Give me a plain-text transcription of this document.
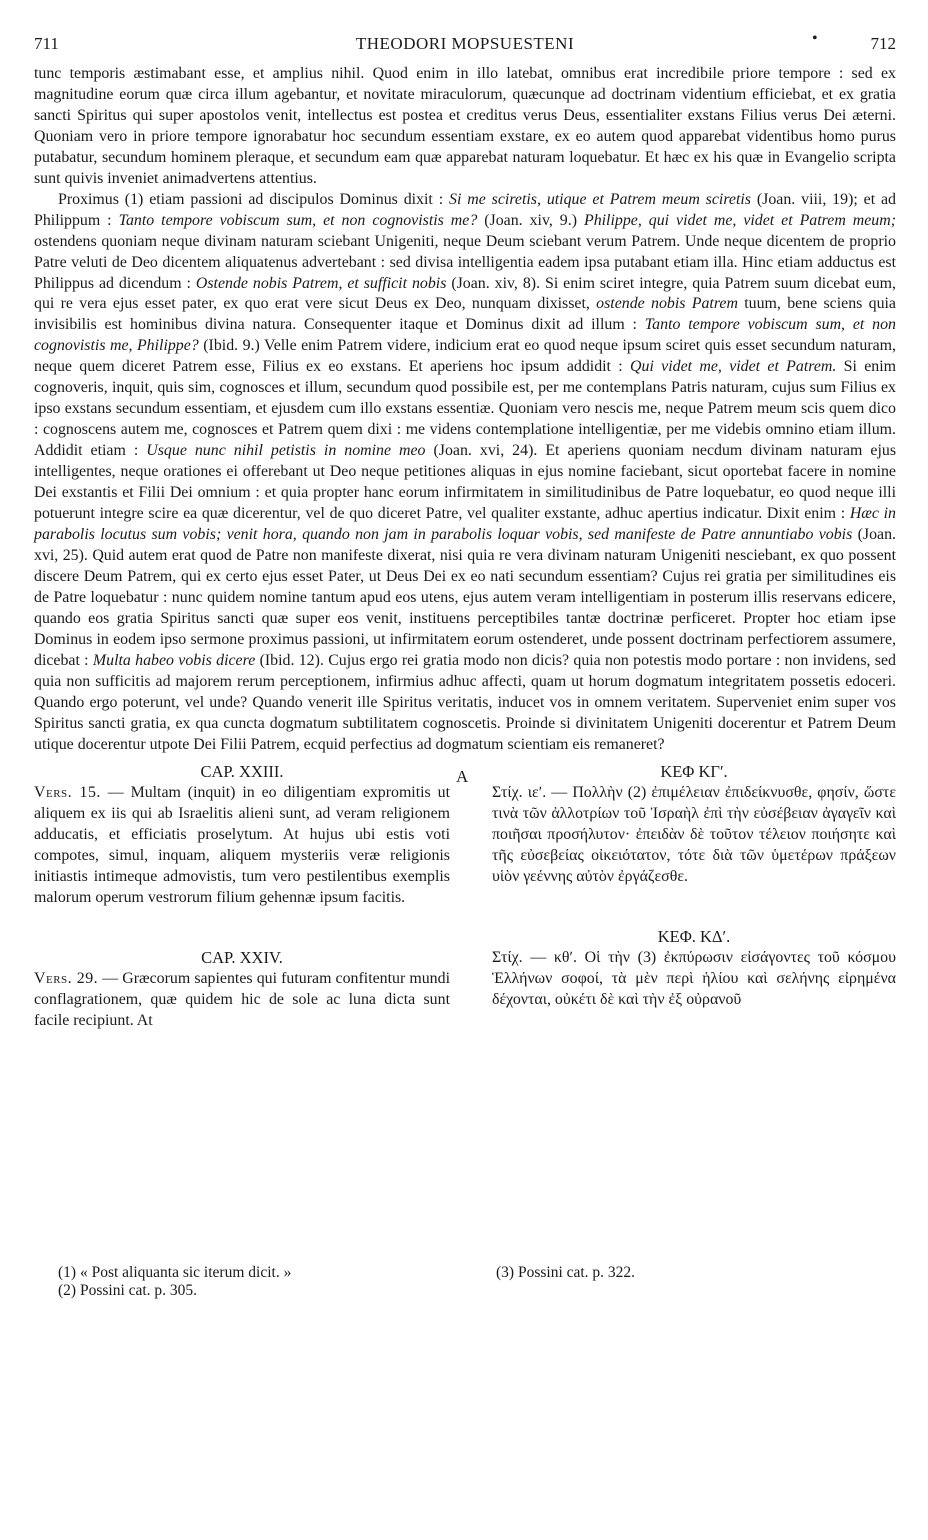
711	THEODORI MOPSUESTENI	•	712

tunc temporis æstimabant esse, et amplius nihil. Quod enim in illo latebat, omnibus erat incredibile priore tempore : sed ex magnitudine eorum quæ circa illum agebantur, et novitate miraculorum, quæcunque ad doctrinam videntium efficiebat, et ex gratia sancti Spiritus qui super apostolos venit, intellectus est postea et creditus verus Deus, essentialiter exstans Filius verus Dei æterni. Quoniam vero in priore tempore ignorabatur hoc secundum essentiam exstare, ex eo autem quod apparebat videntibus homo purus putabatur, secundum hominem pleraque, et secundum eam quæ apparebat naturam loquebatur. Et hæc ex his quæ in Evangelio scripta sunt quivis inveniet animadvertens attentius.

Proximus (1) etiam passioni ad discipulos Dominus dixit : Si me sciretis, utique et Patrem meum sciretis (Joan. viii, 19); et ad Philippum : Tanto tempore vobiscum sum, et non cognovistis me? (Joan. xiv, 9.) Philippe, qui videt me, videt et Patrem meum; ostendens quoniam neque divinam naturam sciebant Unigeniti, neque Deum sciebant verum Patrem. Unde neque dicentem de proprio Patre veluti de Deo dicentem aliquatenus advertebant : sed divisa intelligentia eadem ipsa putabant etiam illa. Hinc etiam adductus est Philippus ad dicendum : Ostende nobis Patrem, et sufficit nobis (Joan. xiv, 8). Si enim sciret integre, quia Patrem suum dicebat eum, qui re vera ejus esset pater, ex quo erat vere sicut Deus ex Deo, nunquam dixisset, ostende nobis Patrem tuum, bene sciens quia invisibilis est hominibus divina natura. Consequenter itaque et Dominus dixit ad illum : Tanto tempore vobiscum sum, et non cognovistis me, Philippe? (Ibid. 9.) Velle enim Patrem videre, indicium erat eo quod neque ipsum sciret quis esset secundum naturam, neque quem diceret Patrem esse, Filius ex eo exstans. Et aperiens hoc ipsum addidit : Qui videt me, videt et Patrem. Si enim cognoveris, inquit, quis sim, cognosces et illum, secundum quod possibile est, per me contemplans Patris naturam, cujus sum Filius ex ipso exstans secundum essentiam, et ejusdem cum illo exstans essentiæ. Quoniam vero nescis me, neque Patrem meum scis quem dico : cognoscens autem me, cognosces et Patrem quem dixi : me videns contemplatione intelligentiæ, per me videbis omnino etiam illum. Addidit etiam : Usque nunc nihil petistis in nomine meo (Joan. xvi, 24). Et aperiens quoniam necdum divinam naturam ejus intelligentes, neque orationes ei offerebant ut Deo neque petitiones aliquas in ejus nomine faciebant, sicut oportebat facere in nomine Dei exstantis et Filii Dei omnium : et quia propter hanc eorum infirmitatem in similitudinibus de Patre loquebatur, eo quod neque illi potuerunt integre scire ea quæ dicerentur, vel de quo diceret Patre, vel qualiter exstante, adhuc apertius indicatur. Dixit enim : Hæc in parabolis locutus sum vobis; venit hora, quando non jam in parabolis loquar vobis, sed manifeste de Patre annuntiabo vobis (Joan. xvi, 25). Quid autem erat quod de Patre non manifeste dixerat, nisi quia re vera divinam naturam Unigeniti nesciebant, ex quo possent discere Deum Patrem, qui ex certo ejus esset Pater, ut Deus Dei ex eo nati secundum essentiam? Cujus rei gratia per similitudines eis de Patre loquebatur : nunc quidem nomine tantum apud eos utens, ejus autem veram intelligentiam in posterum illis reservans edicere, quando eos gratia Spiritus sancti quæ super eos venit, instituens perceptibiles tantæ doctrinæ perficeret. Propter hoc etiam ipse Dominus in eodem ipso sermone proximus passioni, ut infirmitatem eorum ostenderet, unde possent doctrinam perfectiorem assumere, dicebat : Multa habeo vobis dicere (Ibid. 12). Cujus ergo rei gratia modo non dicis? quia non potestis modo portare : non invidens, sed quia non sufficitis ad majorem rerum perceptionem, infirmius adhuc affecti, quam ut horum dogmatum integritatem possetis edoceri. Quando ergo poterunt, vel unde? Quando venerit ille Spiritus veritatis, inducet vos in omnem veritatem. Superveniet enim super vos Spiritus sancti gratia, ex qua cuncta dogmatum subtilitatem cognoscetis. Proinde si divinitatem Unigeniti docerentur et Patrem Deum utique docerentur utpote Dei Filii Patrem, ecquid perfectius ad dogmatum scientiam eis remaneret?

CAP. XXIII.

Vers. 15. — Multam (inquit) in eo diligentiam expromitis ut aliquem ex iis qui ab Israelitis alieni sunt, ad veram religionem adducatis, et efficiatis proselytum. At hujus ubi estis voti compotes, simul, inquam, aliquem mysteriis veræ religionis initiastis intimeque admovistis, tum vero pestilentibus exemplis malorum operum vestrorum filium gehennæ ipsum facitis.

CAP. XXIV.

Vers. 29. — Græcorum sapientes qui futuram confitentur mundi conflagrationem, quæ quidem hic de sole ac luna dicta sunt facile recipiunt. At

A	ΚΕΦ ΚΓʹ.

Στίχ. ιεʹ. — Πολλὴν (2) ἐπιμέλειαν ἐπιδείκνυσθε, φησίν, ὥστε τινὰ τῶν ἀλλοτρίων τοῦ Ἰσραὴλ ἐπὶ τὴν εὐσέβειαν ἀγαγεῖν καὶ ποιῆσαι προσήλυτον· ἐπειδὰν δὲ τοῦτον τέλειον ποιήσητε καὶ τῆς εὐσεβείας οἰκειότατον, τότε διὰ τῶν ὑμετέρων πράξεων υἱὸν γεέννης αὐτὸν ἐργάζεσθε.

ΚΕΦ. ΚΔʹ.

Στίχ. — κθʹ. Οἱ τὴν (3) ἐκπύρωσιν εἰσάγοντες τοῦ κόσμου Ἑλλήνων σοφοί, τὰ μὲν περὶ ἡλίου καὶ σελήνης εἰρημένα δέχονται, οὐκέτι δὲ καὶ τὴν ἐξ οὐρανοῦ

(1) « Post aliquanta sic iterum dicit. »

(2) Possini cat. p. 305.

(3) Possini cat. p. 322.
